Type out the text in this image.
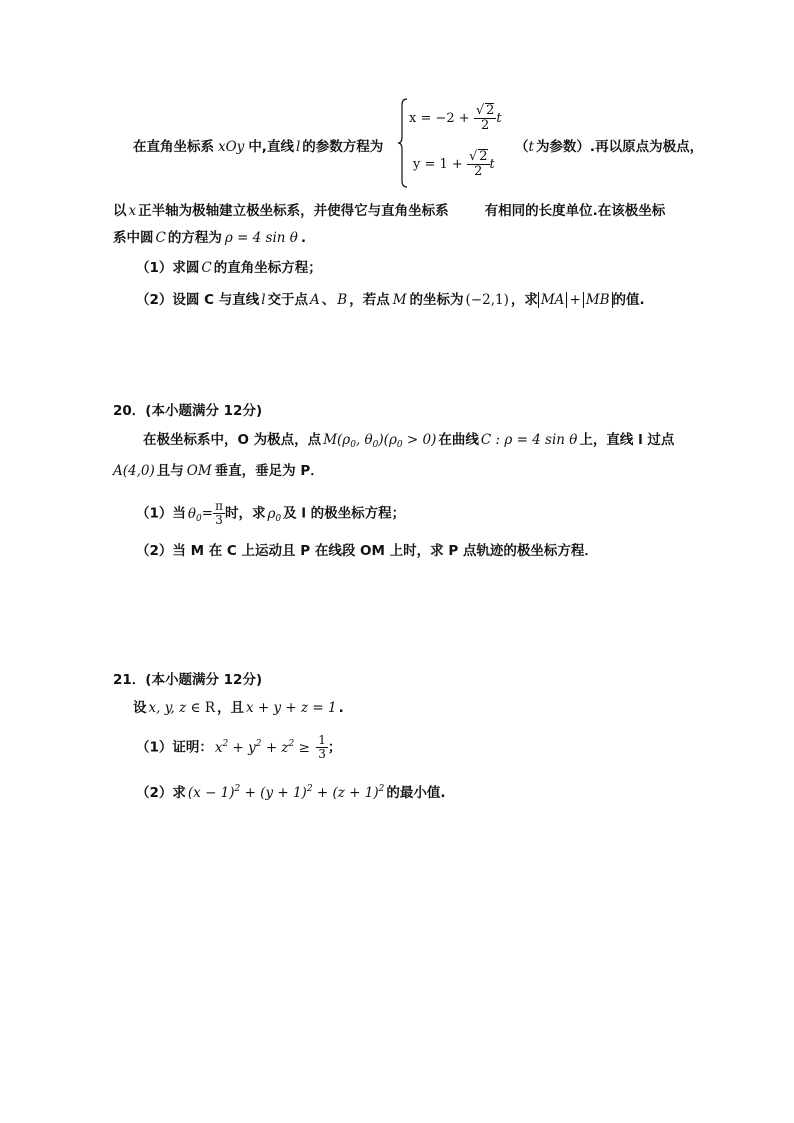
在直角坐标系 xOy 中,直线 l 的参数方程为
$x = -2 + \frac{√ 2}{2}$ t
$y = 1 + \frac{√ 2}{2}$ t
（t 为参数）.再以原点为极点，
以 x 正半轴为极轴建立极坐标系，并使得它与直角坐标系	有相同的长度单位.在该极坐标
系中圆 C 的方程为 ρ = 4 sin θ .
（1）求圆 C 的直角坐标方程；
（2）设圆 C 与直线 l 交于点 A 、 B ，若点 M 的坐标为 (−2,1) ，求 MA + MB 的值.
20．(本小题满分 12分)
在极坐标系中，O 为极点，点 $M(\rho_0$, $\theta_0)(\rho_0 > 0)$ 在曲线 C : ρ = 4 sin θ 上，直线 l 过点
A(4,0) 且与 OM 垂直，垂足为 P．
（1）当 $\theta_0= \frac{\pi}{3}$ 时，求 $\rho_0$ 及 l 的极坐标方程；
（2）当 M 在 C 上运动且 P 在线段 OM 上时，求 P 点轨迹的极坐标方程．
21．(本小题满分 12分)
设 x, y, z ∈ R ，且 x + y + z = 1 .
（1）证明： $x^2 + y^2 + z^2 \ge \frac{1}{3}$ ；
（2）求 $(x - 1)^2 + (y + 1)^2 + (z + 1)^2$ 的最小值.
